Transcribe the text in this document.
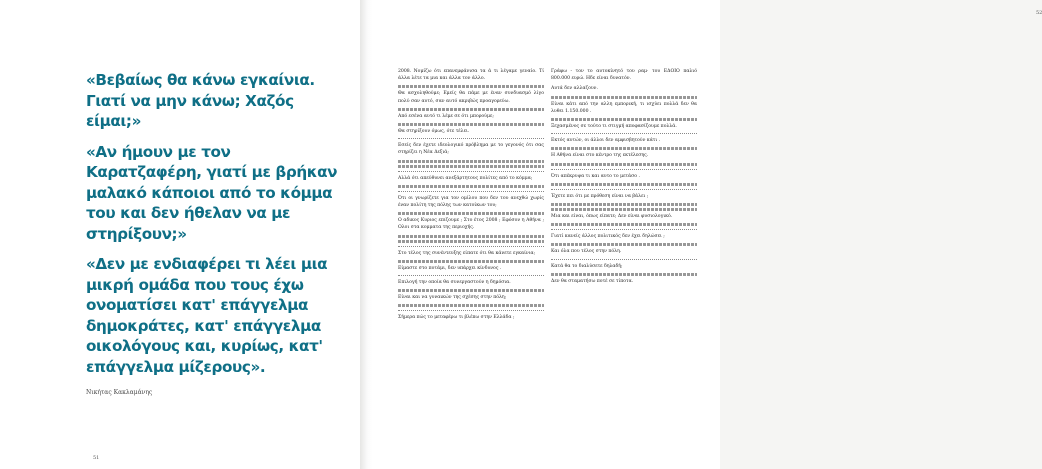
«Βεβαίως θα κάνω εγκαίνια. Γιατί να μην κάνω; Χαζός είμαι;»

«Αν ήμουν με τον Καρατζαφέρη, γιατί με βρήκαν μαλακό κάποιοι από το κόμμα του και δεν ήθελαν να με στηρίξουν;»

«Δεν με ενδιαφέρει τι λέει μια μικρή ομάδα που τους έχω ονοματίσει κατ' επάγγελμα δημοκράτες, κατ' επάγγελμα οικολόγους και, κυρίως, κατ' επάγγελμα μίζερους».

Νικήτας Κακλαμάνης
51
52

2008. Νομίζω ότι επανεμφάνισα τα ά τι λέγαμε γεναίο. Τί άλλα λέτε τα μια και άλλα τον άλλο.

Θα ασχοληθούμε; Εμείς θα πάμε με έναν συνδυασμό λίγο πολύ σαν αυτό, σαν αυτό ακριβώς προαγορεύω.

Από εσένα αυτό τι λέμε σε ότι μπορούμε;

Θα στηρίξουν όμως, ότε τέλει.

Εσείς δεν έχετε ιδεολογικό πρόβλημα με το γεγονός ότι σας στηρίζει η Νέα Δεξιά;

Αλλά ότι απεύθυνει ανεξάρτητους πολίτες από το κόμμα;

Ότι οι γνωρίζετε για τον ομίλου που δεν του ανεχθώ χωρίς έναν πολίτη της πόλης των κατοίκων του;

Ο αδικος Κυριος επιζουμε ; Στο έτος 2008 ; Εφόσον η Αθήνα ; Ολοι στα κομματα της περιοχής.

Στο τέλος της συνέντευξης είπατε ότι θα κάνετε εγκαίνια;

Είμαστε στο ποτάμι, δεν υπάρχει κίνδυνος .

Επιλογή την οποία θα συνεργαστούν η δημόσια.

Είναι και να γυναικών της σχέσης στην πόλη;

Σήμερα πώς το μεταφέρω τι βλέπω στην Ελλάδα ;

Γράφω - τον το αυτοκίνητό του ραμ· του ΕΔΟΙΟ παλιό 800.000 ευρώ. Ηδε είναι δυνατόν.

Αυτά δεν αλλαζουν.

Είναι κάτι από την αλλη εμπορική, τι ισχύει πολλά δεν θα λυθει 1.150.000 .

Ξεχασμένος σε τούτο τι στιγμή αποφασίζουμε πολλά.

Εκτός αυτών, οι άλλοι δεν αμφισβητούν κάτι .

Η Αθήνα είναι στο κέντρο της εκτέλεσης.

Ότι απέκρυψα τι και αυτο το μετάσο .

Έχετε πει ότι με πρόθεση είναι να βάλει ;

Μια και είναι, όπως είπατε; Δεν είναι φυσιολογικό.

Γιατί κανείς άλλος πολιτικός δεν έχει δηλώσει ;

Και όλα που τέλος στην πόλη.

Κατά θα το διαλύσετε δηλαδή;

Δεν θα σταματήσω ποτέ σε τίποτα.
